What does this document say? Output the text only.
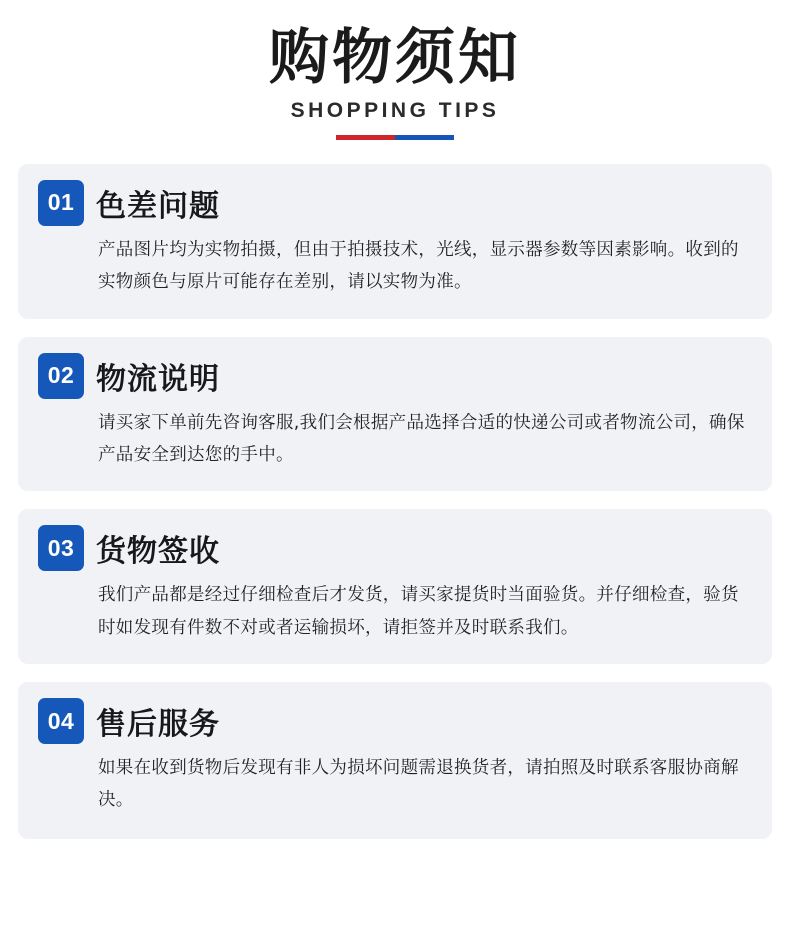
购物须知
SHOPPING TIPS
01 色差问题
产品图片均为实物拍摄，但由于拍摄技术，光线，显示器参数等因素影响。收到的实物颜色与原片可能存在差别，请以实物为准。
02 物流说明
请买家下单前先咨询客服,我们会根据产品选择合适的快递公司或者物流公司，确保产品安全到达您的手中。
03 货物签收
我们产品都是经过仔细检查后才发货，请买家提货时当面验货。并仔细检查，验货时如发现有件数不对或者运输损坏，请拒签并及时联系我们。
04 售后服务
如果在收到货物后发现有非人为损坏问题需退换货者，请拍照及时联系客服协商解决。
